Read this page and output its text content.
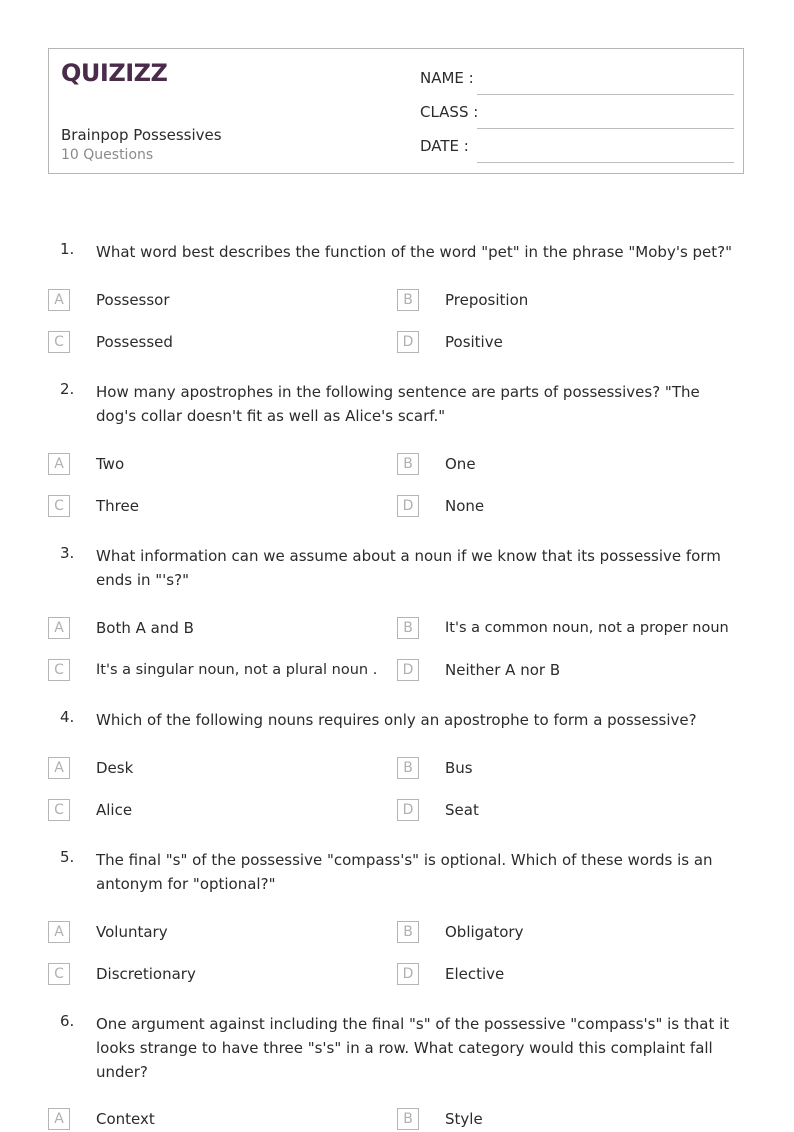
QUIZIZZ
Brainpop Possessives
10 Questions
NAME :
CLASS :
DATE :
1. What word best describes the function of the word "pet" in the phrase "Moby's pet?"
A	Possessor	B	Preposition
C	Possessed	D	Positive
2. How many apostrophes in the following sentence are parts of possessives? "The dog's collar doesn't fit as well as Alice's scarf."
A	Two	B	One
C	Three	D	None
3. What information can we assume about a noun if we know that its possessive form ends in "'s?"
A	Both A and B	B	It's a common noun, not a proper noun
C	It's a singular noun, not a plural noun .	D	Neither A nor B
4. Which of the following nouns requires only an apostrophe to form a possessive?
A	Desk	B	Bus
C	Alice	D	Seat
5. The final "s" of the possessive "compass's" is optional. Which of these words is an antonym for "optional?"
A	Voluntary	B	Obligatory
C	Discretionary	D	Elective
6. One argument against including the final "s" of the possessive "compass's" is that it looks strange to have three "s's" in a row. What category would this complaint fall under?
A	Context	B	Style
